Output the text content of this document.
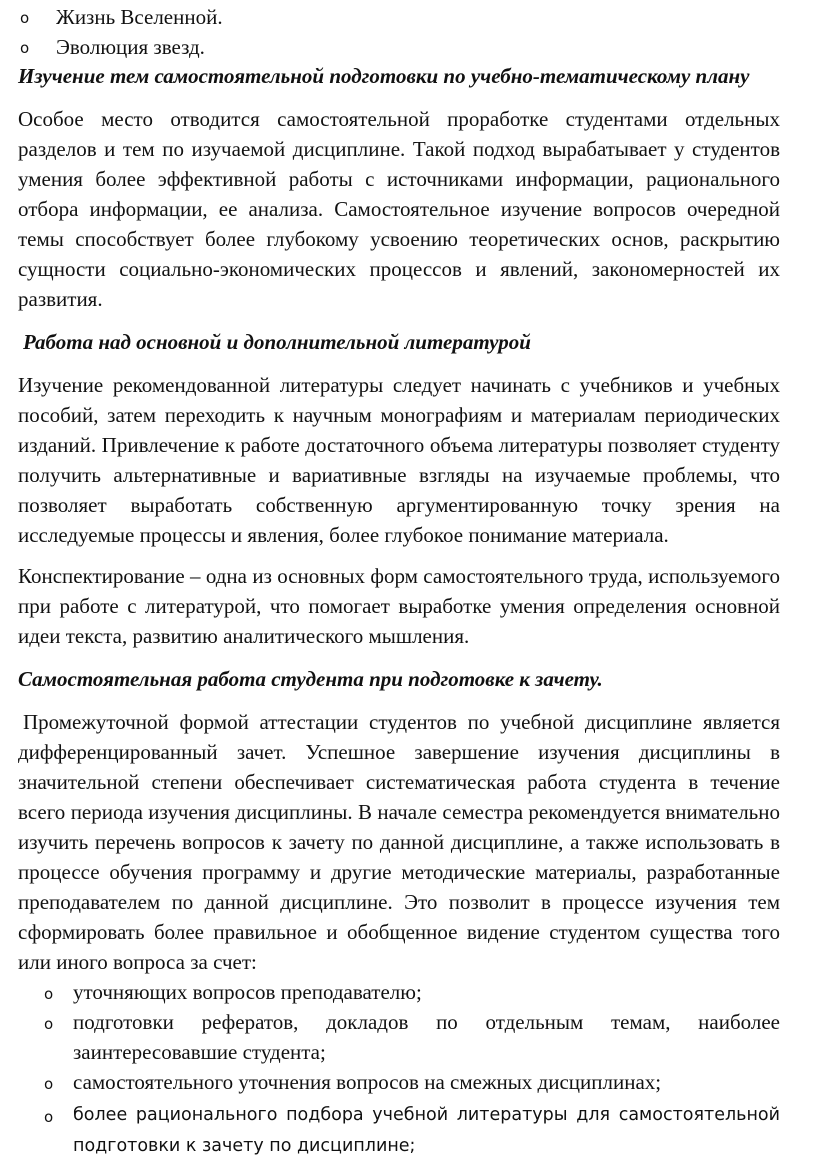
o Жизнь Вселенной.
o Эволюция звезд.

Изучение тем самостоятельной подготовки по учебно-тематическому плану

Особое место отводится самостоятельной проработке студентами отдельных разделов и тем по изучаемой дисциплине. Такой подход вырабатывает у студентов умения более эффективной работы с источниками информации, рационального отбора информации, ее анализа. Самостоятельное изучение вопросов очередной темы способствует более глубокому усвоению теоретических основ, раскрытию сущности социально-экономических процессов и явлений, закономерностей их развития.

Работа над основной и дополнительной литературой

Изучение рекомендованной литературы следует начинать с учебников и учебных пособий, затем переходить к научным монографиям и материалам периодических изданий. Привлечение к работе достаточного объема литературы позволяет студенту получить альтернативные и вариативные взгляды на изучаемые проблемы, что позволяет выработать собственную аргументированную точку зрения на исследуемые процессы и явления, более глубокое понимание материала.

Конспектирование – одна из основных форм самостоятельного труда, используемого при работе с литературой, что помогает выработке умения определения основной идеи текста, развитию аналитического мышления.

Самостоятельная работа студента при подготовке к зачету.

Промежуточной формой аттестации студентов по учебной дисциплине является дифференцированный зачет. Успешное завершение изучения дисциплины в значительной степени обеспечивает систематическая работа студента в течение всего периода изучения дисциплины. В начале семестра рекомендуется внимательно изучить перечень вопросов к зачету по данной дисциплине, а также использовать в процессе обучения программу и другие методические материалы, разработанные преподавателем по данной дисциплине. Это позволит в процессе изучения тем сформировать более правильное и обобщенное видение студентом существа того или иного вопроса за счет:

o уточняющих вопросов преподавателю;
o подготовки рефератов, докладов по отдельным темам, наиболее заинтересовавшие студента;
o самостоятельного уточнения вопросов на смежных дисциплинах;
o более рационального подбора учебной литературы для самостоятельной подготовки к зачету по дисциплине;
